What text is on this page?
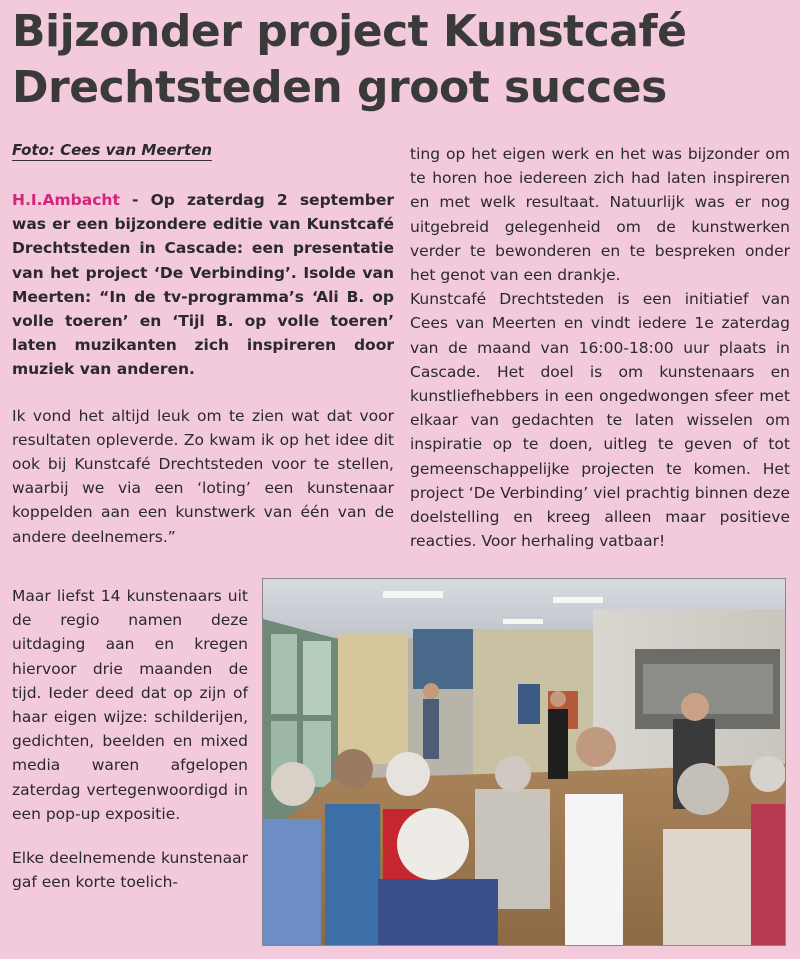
Bijzonder project Kunstcafé
Drechtsteden groot succes
Foto: Cees van Meerten

H.I.Ambacht - Op zaterdag 2 september was er een bijzondere editie van Kunstcafé Drechtsteden in Cascade: een presentatie van het project ‘De Verbinding’. Isolde van Meerten: “In de tv-programma’s ‘Ali B. op volle toeren’ en ‘Tijl B. op volle toeren’ laten muzikanten zich inspireren door muziek van anderen.

Ik vond het altijd leuk om te zien wat dat voor resultaten opleverde. Zo kwam ik op het idee dit ook bij Kunstcafé Drechtsteden voor te stellen, waarbij we via een ‘loting’ een kunstenaar koppelden aan een kunstwerk van één van de andere deelnemers.”

ting op het eigen werk en het was bijzonder om te horen hoe iedereen zich had laten inspireren en met welk resultaat. Natuurlijk was er nog uitgebreid gelegenheid om de kunstwerken verder te bewonderen en te bespreken onder het genot van een drankje.

Kunstcafé Drechtsteden is een initiatief van Cees van Meerten en vindt iedere 1e zaterdag van de maand van 16:00-18:00 uur plaats in Cascade. Het doel is om kunstenaars en kunstliefhebbers in een ongedwongen sfeer met elkaar van gedachten te laten wisselen om inspiratie op te doen, uitleg te geven of tot gemeenschappelijke projecten te komen. Het project ‘De Verbinding’ viel prachtig binnen deze doelstelling en kreeg alleen maar positieve reacties. Voor herhaling vatbaar!

Maar liefst 14 kunstenaars uit de regio namen deze uitdaging aan en kregen hiervoor drie maanden de tijd. Ieder deed dat op zijn of haar eigen wijze: schilderijen, gedichten, beelden en mixed media waren afgelopen zaterdag vertegenwoordigd in een pop-up expositie.

Elke deelnemende kunstenaar gaf een korte toelich-
